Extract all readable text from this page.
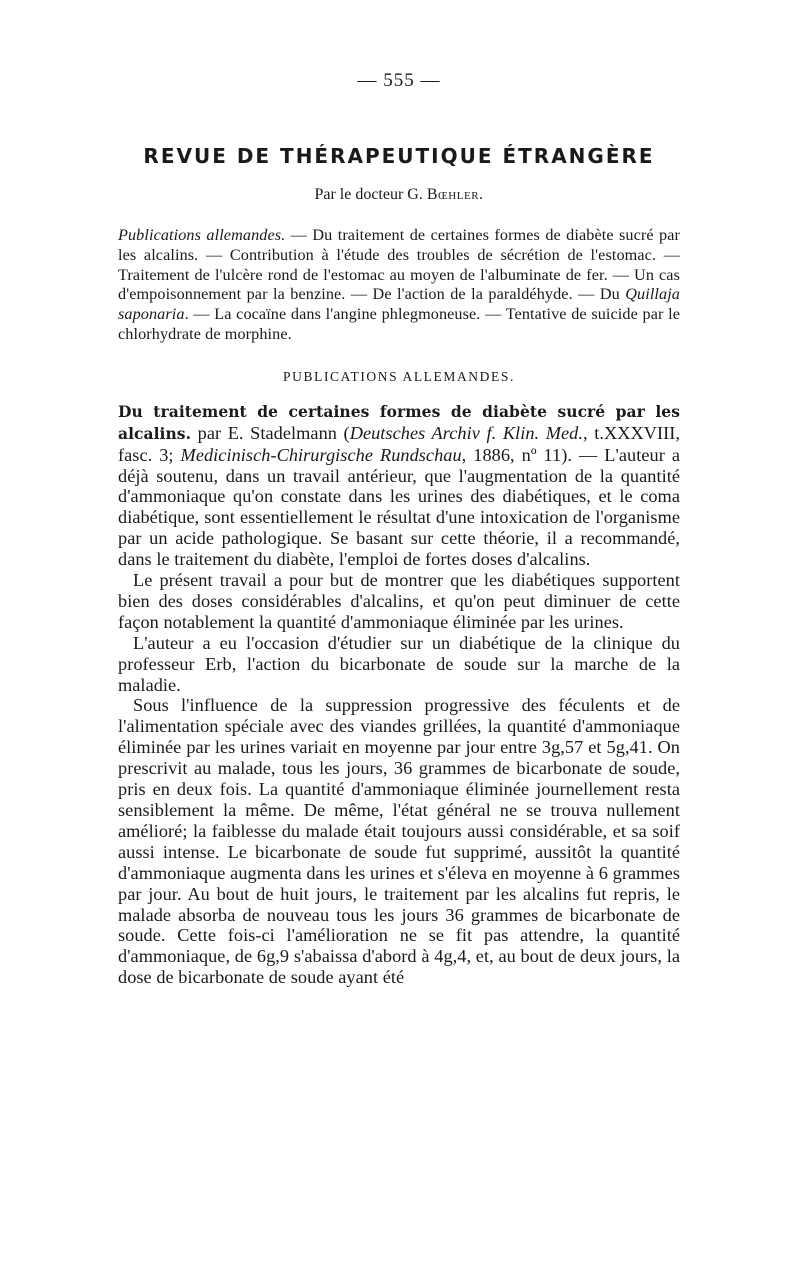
— 555 —
REVUE DE THÉRAPEUTIQUE ÉTRANGÈRE
Par le docteur G. Bœhler.

Publications allemandes. — Du traitement de certaines formes de diabète sucré par les alcalins. — Contribution à l'étude des troubles de sécrétion de l'estomac. — Traitement de l'ulcère rond de l'estomac au moyen de l'albuminate de fer. — Un cas d'empoisonnement par la benzine. — De l'action de la paraldéhyde. — Du Quillaja saponaria. — La cocaïne dans l'angine phlegmoneuse. — Tentative de suicide par le chlorhydrate de morphine.

PUBLICATIONS ALLEMANDES.

Du traitement de certaines formes de diabète sucré par les alcalins. par E. Stadelmann (Deutsches Archiv f. Klin. Med., t.XXXVIII, fasc. 3; Medicinisch-Chirurgische Rundschau, 1886, nº 11). — L'auteur a déjà soutenu, dans un travail antérieur, que l'augmentation de la quantité d'ammoniaque qu'on constate dans les urines des diabétiques, et le coma diabétique, sont essentiellement le résultat d'une intoxication de l'organisme par un acide pathologique. Se basant sur cette théorie, il a recommandé, dans le traitement du diabète, l'emploi de fortes doses d'alcalins.

Le présent travail a pour but de montrer que les diabétiques supportent bien des doses considérables d'alcalins, et qu'on peut diminuer de cette façon notablement la quantité d'ammoniaque éliminée par les urines.

L'auteur a eu l'occasion d'étudier sur un diabétique de la clinique du professeur Erb, l'action du bicarbonate de soude sur la marche de la maladie.

Sous l'influence de la suppression progressive des féculents et de l'alimentation spéciale avec des viandes grillées, la quantité d'ammoniaque éliminée par les urines variait en moyenne par jour entre 3g,57 et 5g,41. On prescrivit au malade, tous les jours, 36 grammes de bicarbonate de soude, pris en deux fois. La quantité d'ammoniaque éliminée journellement resta sensiblement la même. De même, l'état général ne se trouva nullement amélioré; la faiblesse du malade était toujours aussi considérable, et sa soif aussi intense. Le bicarbonate de soude fut supprimé, aussitôt la quantité d'ammoniaque augmenta dans les urines et s'éleva en moyenne à 6 grammes par jour. Au bout de huit jours, le traitement par les alcalins fut repris, le malade absorba de nouveau tous les jours 36 grammes de bicarbonate de soude. Cette fois-ci l'amélioration ne se fit pas attendre, la quantité d'ammoniaque, de 6g,9 s'abaissa d'abord à 4g,4, et, au bout de deux jours, la dose de bicarbonate de soude ayant été
